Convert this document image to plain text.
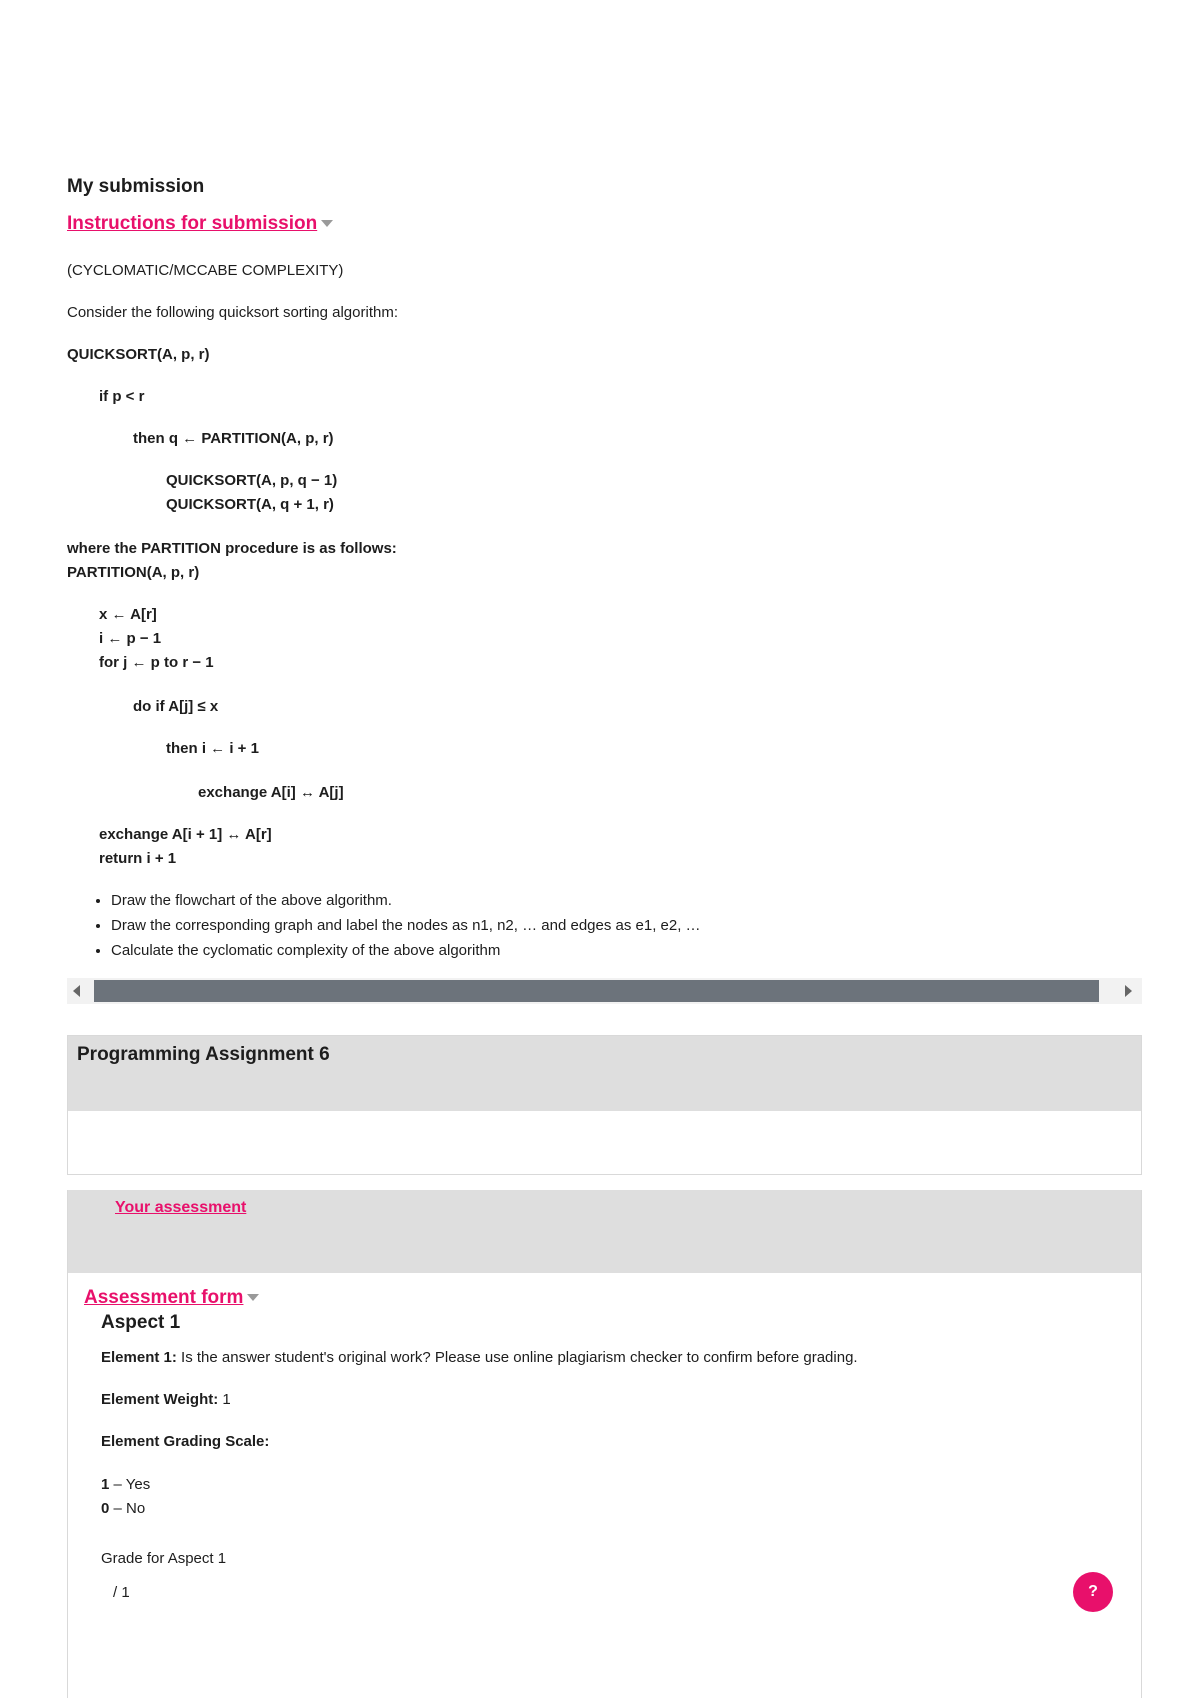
My submission
Instructions for submission
(CYCLOMATIC/MCCABE COMPLEXITY)
Consider the following quicksort sorting algorithm:
QUICKSORT(A, p, r)
if p < r
then q ← PARTITION(A, p, r)
QUICKSORT(A, p, q − 1)
QUICKSORT(A, q + 1, r)
where the PARTITION procedure is as follows:
PARTITION(A, p, r)
x ← A[r]
i ← p − 1
for j ← p to r − 1
do if A[j] ≤ x
then i ← i + 1
exchange A[i] ↔ A[j]
exchange A[i + 1] ↔ A[r]
return i + 1
• Draw the flowchart of the above algorithm.
• Draw the corresponding graph and label the nodes as n1, n2, … and edges as e1, e2, …
• Calculate the cyclomatic complexity of the above algorithm
Programming Assignment 6
Your assessment
Assessment form
Aspect 1
Element 1: Is the answer student's original work? Please use online plagiarism checker to confirm before grading.
Element Weight: 1
Element Grading Scale:
1 – Yes
0 – No
Grade for Aspect 1
/ 1	?
